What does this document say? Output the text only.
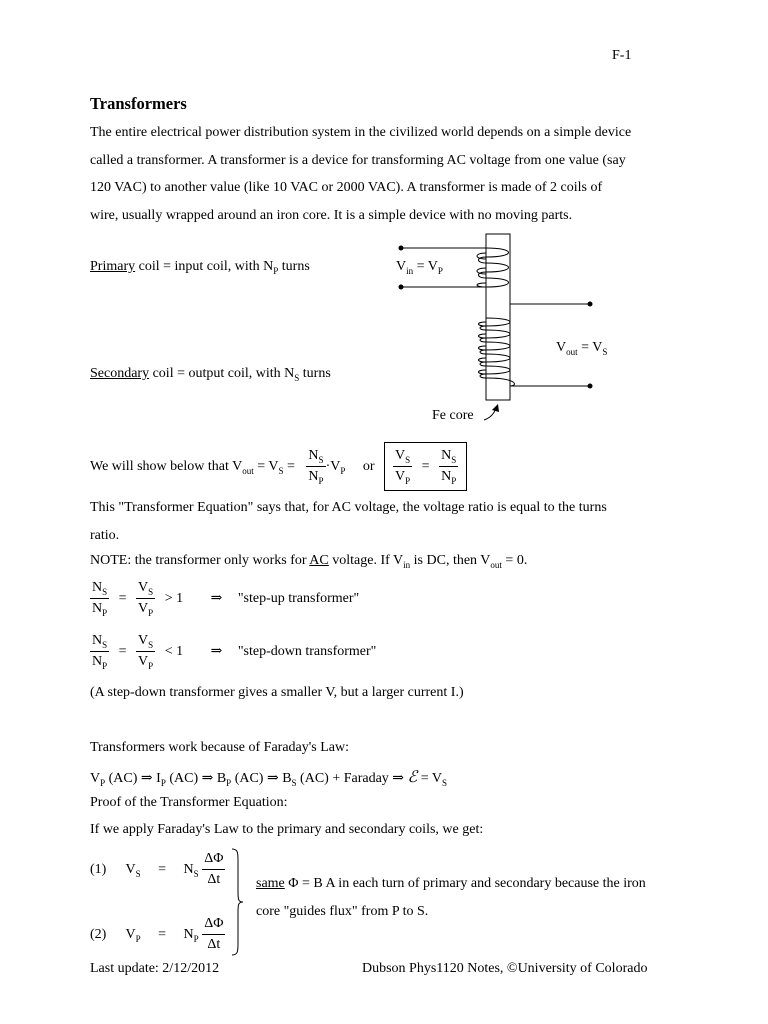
F-1
Transformers
The entire electrical power distribution system in the civilized world depends on a simple device
called a transformer. A transformer is a device for transforming AC voltage from one value (say
120 VAC) to another value (like 10 VAC or 2000 VAC). A transformer is made of 2 coils of
wire, usually wrapped around an iron core. It is a simple device with no moving parts.
Primary coil = input coil, with $N_P$ turns
Secondary coil = output coil, with $N_S$ turns
$V_{in} = V_P$
$V_{out} = V_S$
Fe core
We will show below that $V_{out} = V_S = \frac{N_S}{N_P} \cdot V_P$ or $\frac{V_S}{V_P} = \frac{N_S}{N_P}$
This "Transformer Equation" says that, for AC voltage, the voltage ratio is equal to the turns
ratio.
NOTE: the transformer only works for AC voltage. If $V_{in}$ is DC, then $V_{out} = 0$.
$\frac{N_S}{N_P} = \frac{V_S}{V_P} > 1$ ⇒ "step-up transformer"
$\frac{N_S}{N_P} = \frac{V_S}{V_P} < 1$ ⇒ "step-down transformer"
(A step-down transformer gives a smaller V, but a larger current I.)
Transformers work because of Faraday's Law:
$V_P$ (AC) ⇒ $I_P$ (AC) ⇒ $B_P$ (AC) ⇒ $B_S$ (AC) + Faraday ⇒ ℰ = $V_S$
Proof of the Transformer Equation:
If we apply Faraday's Law to the primary and secondary coils, we get:
(1) $V_S = N_S \frac{\Delta\Phi}{\Delta t}$
(2) $V_P = N_P \frac{\Delta\Phi}{\Delta t}$
same Φ = B A in each turn of primary and secondary because the iron
core "guides flux" from P to S.
Last update: 2/12/2012	Dubson Phys1120 Notes, ©University of Colorado
